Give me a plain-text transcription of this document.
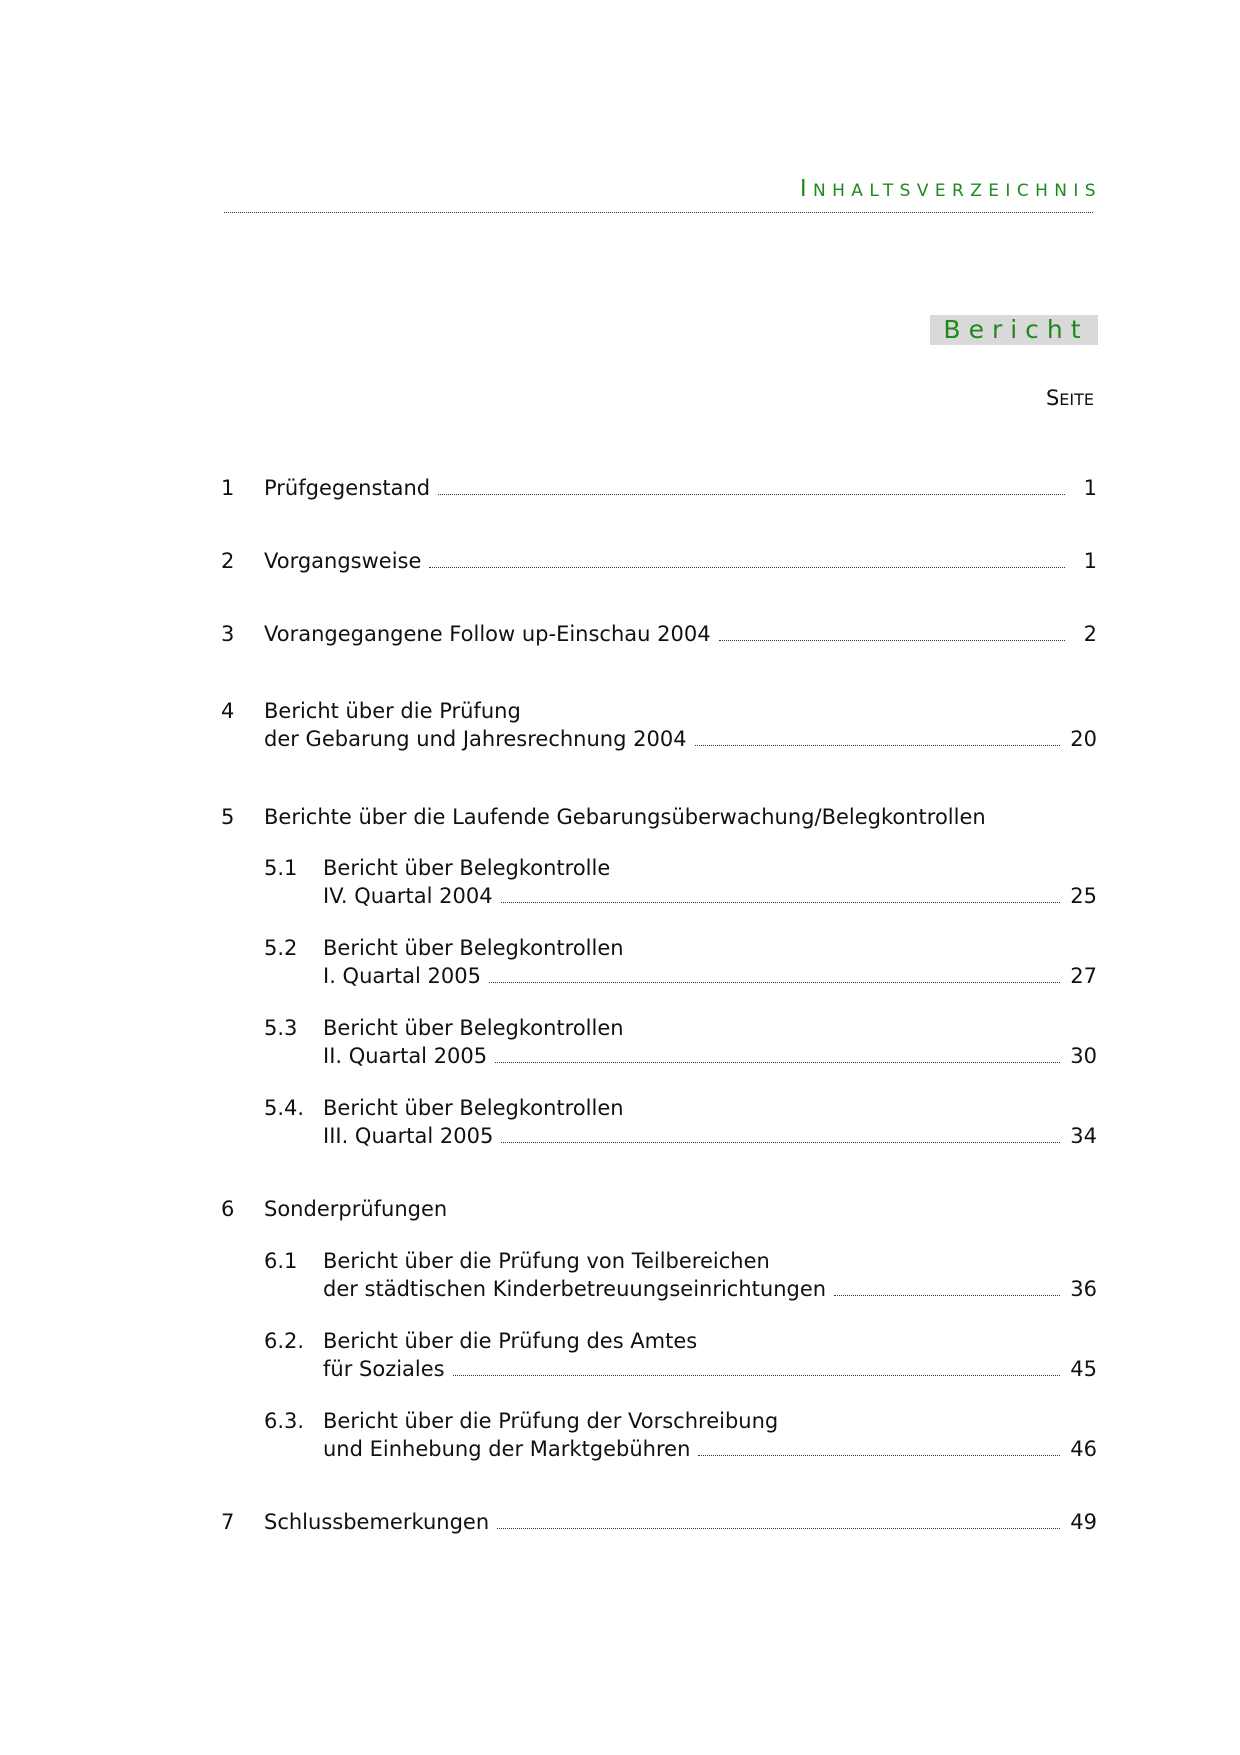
INHALTSVERZEICHNIS
Bericht
SEITE
1 Prüfgegenstand	1
2 Vorgangsweise	1
3 Vorangegangene Follow up-Einschau 2004	2
4 Bericht über die Prüfung
der Gebarung und Jahresrechnung 2004	20
5 Berichte über die Laufende Gebarungsüberwachung/Belegkontrollen
5.1 Bericht über Belegkontrolle
IV. Quartal 2004	25
5.2 Bericht über Belegkontrollen
I. Quartal 2005	27
5.3 Bericht über Belegkontrollen
II. Quartal 2005	30
5.4. Bericht über Belegkontrollen
III. Quartal 2005	34
6 Sonderprüfungen
6.1 Bericht über die Prüfung von Teilbereichen
der städtischen Kinderbetreuungseinrichtungen	36
6.2. Bericht über die Prüfung des Amtes
für Soziales	45
6.3. Bericht über die Prüfung der Vorschreibung
und Einhebung der Marktgebühren	46
7 Schlussbemerkungen	49
